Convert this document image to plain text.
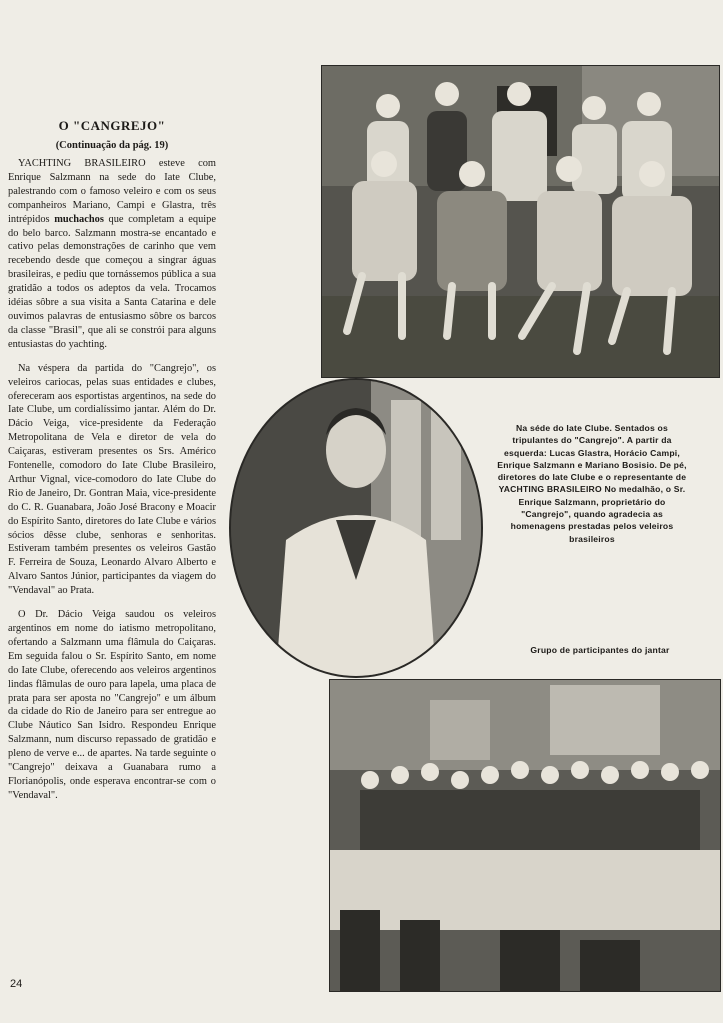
O "CANGREJO"
(Continuação da pág. 19)

YACHTING BRASILEIRO esteve com Enrique Salzmann na sede do Iate Clube, palestrando com o famoso veleiro e com os seus companheiros Mariano, Campi e Glastra, três intrépidos muchachos que completam a equipe do belo barco. Salzmann mostra-se encantado e cativo pelas demonstrações de carinho que vem recebendo desde que começou a singrar águas brasileiras, e pediu que tornássemos pública a sua gratidão a todos os adeptos da vela. Trocamos idéias sôbre a sua visita a Santa Catarina e dele ouvimos palavras de entusiasmo sôbre os barcos da classe "Brasil", que ali se constrói para alguns entusiastas do yachting.

Na véspera da partida do "Cangrejo", os veleiros cariocas, pelas suas entidades e clubes, ofereceram aos esportistas argentinos, na sede do Iate Clube, um cordialíssimo jantar. Além do Dr. Dácio Veiga, vice-presidente da Federação Metropolitana de Vela e diretor de vela do Caiçaras, estiveram presentes os Srs. Américo Fontenelle, comodoro do Iate Clube Brasileiro, Arthur Vignal, vice-comodoro do Iate Clube do Rio de Janeiro, Dr. Gontran Maia, vice-presidente do C. R. Guanabara, João José Bracony e Moacir do Espírito Santo, diretores do Iate Clube e vários sócios dêsse clube, senhoras e senhoritas. Estiveram também presentes os veleiros Gastão F. Ferreira de Souza, Leonardo Alvaro Alberto e Alvaro Santos Júnior, participantes da viagem do "Vendaval" ao Prata.

O Dr. Dácio Veiga saudou os veleiros argentinos em nome do iatismo metropolitano, ofertando a Salzmann uma flâmula do Caiçaras. Em seguida falou o Sr. Espírito Santo, em nome do Iate Clube, oferecendo aos veleiros argentinos lindas flâmulas de ouro para lapela, uma placa de prata para ser aposta no "Cangrejo" e um álbum da cidade do Rio de Janeiro para ser entregue ao Clube Náutico San Isidro. Respondeu Enrique Salzmann, num discurso repassado de gratidão e pleno de verve e... de apartes. Na tarde seguinte o "Cangrejo" deixava a Guanabara rumo a Florianópolis, onde esperava encontrar-se com o "Vendaval".

24
Na séde do Iate Clube. Sentados os tripulantes do "Cangrejo". A partir da esquerda: Lucas Glastra, Horácio Campi, Enrique Salzmann e Mariano Bosisio. De pé, diretores do Iate Clube e o representante de YACHTING BRASILEIRO No medalhão, o Sr. Enrique Salzmann, proprietário do "Cangrejo", quando agradecia as homenagens prestadas pelos veleiros brasileiros
Grupo de participantes do jantar
